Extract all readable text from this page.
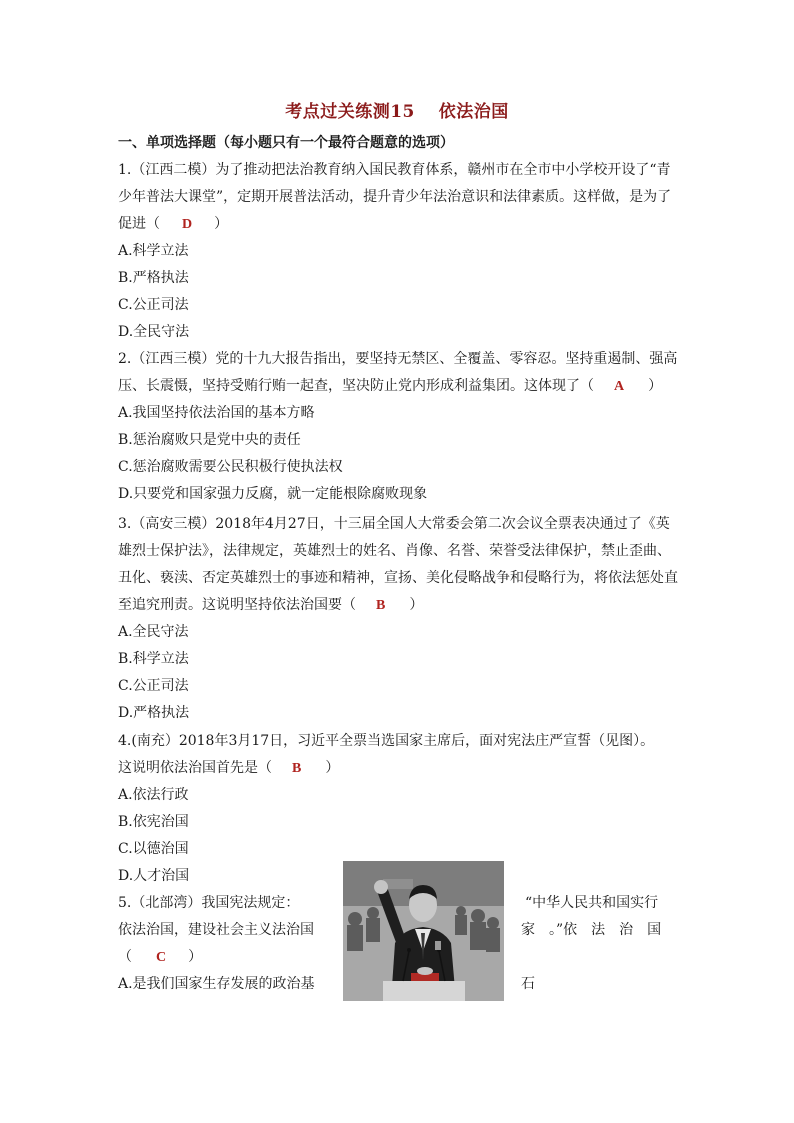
考点过关练测15　 依法治国
一、单项选择题（每小题只有一个最符合题意的选项）
1.（江西二模）为了推动把法治教育纳入国民教育体系，赣州市在全市中小学校开设了“青
少年普法大课堂”，定期开展普法活动，提升青少年法治意识和法律素质。这样做，是为了
促进（ D ）
A.科学立法
B.严格执法
C.公正司法
D.全民守法
2.（江西三模）党的十九大报告指出，要坚持无禁区、全覆盖、零容忍。坚持重遏制、强高
压、长震慑，坚持受贿行贿一起查，坚决防止党内形成利益集团。这体现了（ A ）
A.我国坚持依法治国的基本方略
B.惩治腐败只是党中央的责任
C.惩治腐败需要公民积极行使执法权
D.只要党和国家强力反腐，就一定能根除腐败现象
3.（高安三模）2018年4月27日，十三届全国人大常委会第二次会议全票表决通过了《英
雄烈士保护法》，法律规定，英雄烈士的姓名、肖像、名誉、荣誉受法律保护，禁止歪曲、
丑化、亵渎、否定英雄烈士的事迹和精神，宣扬、美化侵略战争和侵略行为，将依法惩处直
至追究刑责。这说明坚持依法治国要（ B ）
A.全民守法
B.科学立法
C.公正司法
D.严格执法
4.(南充）2018年3月17日，习近平全票当选国家主席后，面对宪法庄严宣誓（见图）。
这说明依法治国首先是（ B ）
A.依法行政
B.依宪治国
C.以德治国
D.人才治国
5.（北部湾）我国宪法规定：	“中华人民共和国实行
依法治国，建设社会主义法治国	家　。”依　法　治　国
（ C ）
A.是我们国家生存发展的政治基	石
